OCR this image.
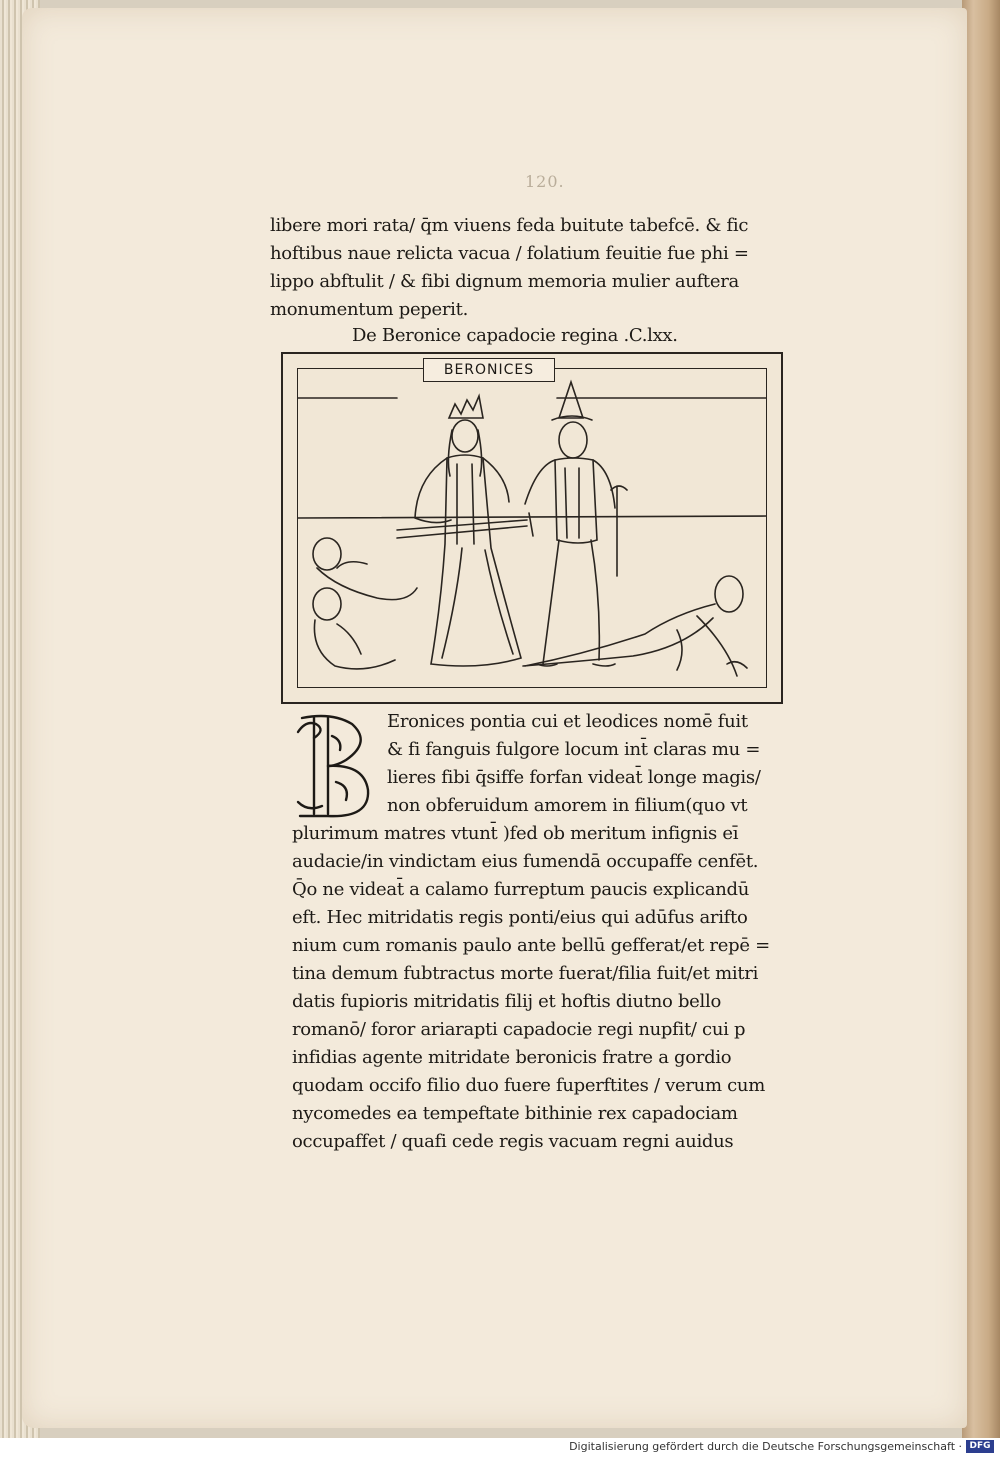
120.
libere mori rata/ q̄m viuens feda buitute tabefcē. & fic
hoftibus naue relicta vacua / folatium feuitie fue phi =
lippo abftulit / & fibi dignum memoria mulier auftera
monumentum peperit.
De Beronice capadocie regina .C.lxx.
BERONICES
Eronices pontia cui et leodices nomē fuit
& fi fanguis fulgore locum int̄ claras mu =
lieres fibi q̄siffe forfan videat̄ longe magis/
non obferuidum amorem in filium(quo vt
plurimum matres vtunt̄ )fed ob meritum infignis eī
audacie/in vindictam eius fumendā occupaffe cenfēt.
Q̄o ne videat̄ a calamo furreptum paucis explicandū
eft. Hec mitridatis regis ponti/eius qui adūfus arifto
nium cum romanis paulo ante bellū gefferat/et repē =
tina demum fubtractus morte fuerat/filia fuit/et mitri
datis fupioris mitridatis filij et hoftis diutno bello
romanō/ foror ariarapti capadocie regi nupfit/ cui p
infidias agente mitridate beronicis fratre a gordio
quodam occifo filio duo fuere fuperftites / verum cum
nycomedes ea tempeftate bithinie rex capadociam
occupaffet / quafi cede regis vacuam regni auidus
Digitalisierung gefördert durch die Deutsche Forschungsgemeinschaft · DFG
